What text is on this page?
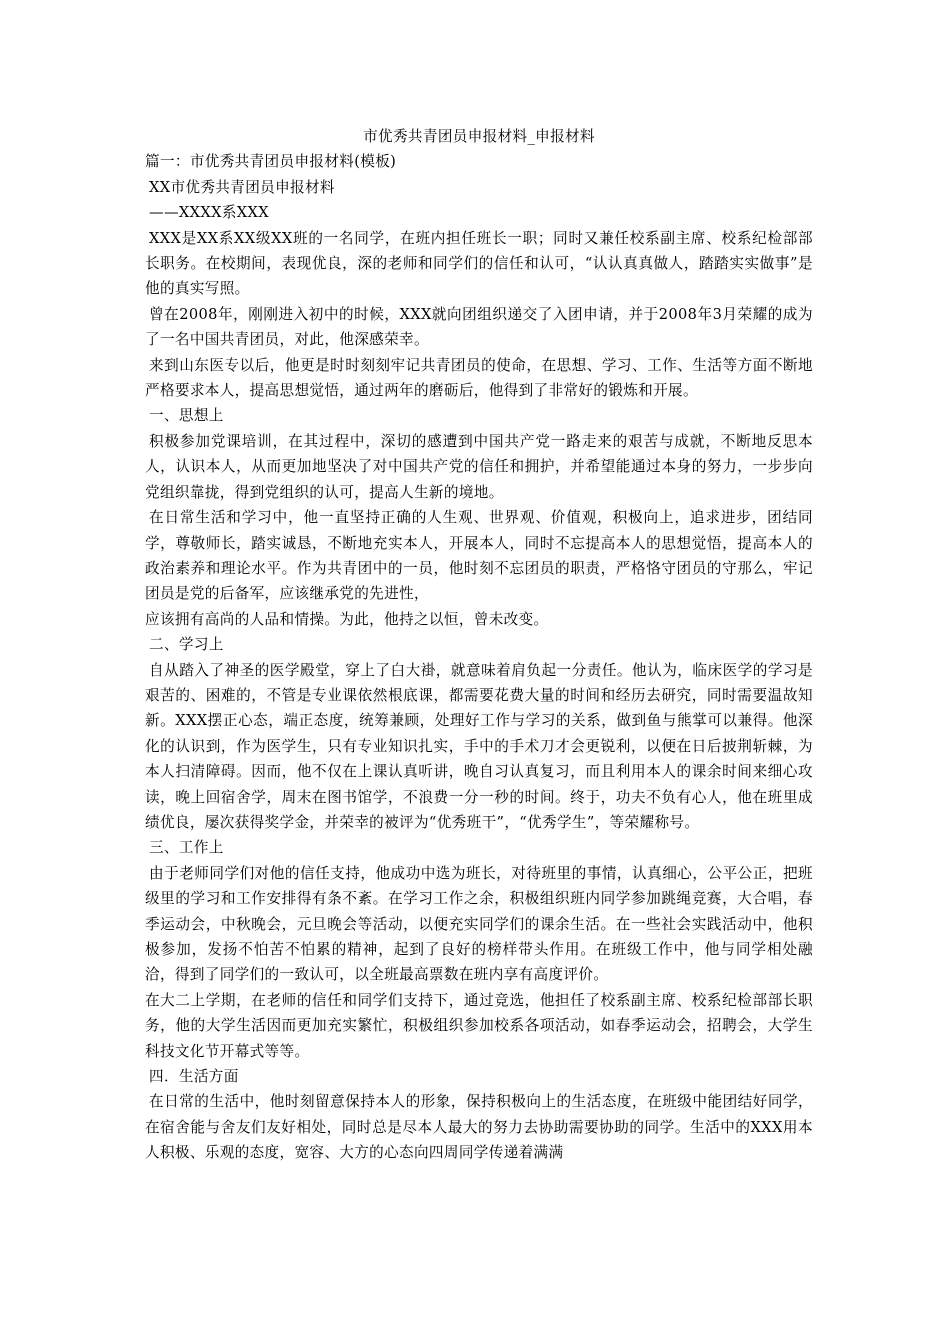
市优秀共青团员申报材料_申报材料

篇一：市优秀共青团员申报材料(模板)

XX市优秀共青团员申报材料

——XXXX系XXX

XXX是XX系XX级XX班的一名同学，在班内担任班长一职；同时又兼任校系副主席、校系纪检部部长职务。在校期间，表现优良，深的老师和同学们的信任和认可，“认认真真做人，踏踏实实做事”是他的真实写照。

曾在2008年，刚刚进入初中的时候，XXX就向团组织递交了入团申请，并于2008年3月荣耀的成为了一名中国共青团员，对此，他深感荣幸。

来到山东医专以后，他更是时时刻刻牢记共青团员的使命，在思想、学习、工作、生活等方面不断地严格要求本人，提高思想觉悟，通过两年的磨砺后，他得到了非常好的锻炼和开展。

一、思想上

积极参加党课培训，在其过程中，深切的感遭到中国共产党一路走来的艰苦与成就，不断地反思本人，认识本人，从而更加地坚决了对中国共产党的信任和拥护，并希望能通过本身的努力，一步步向党组织靠拢，得到党组织的认可，提高人生新的境地。

在日常生活和学习中，他一直坚持正确的人生观、世界观、价值观，积极向上，追求进步，团结同学，尊敬师长，踏实诚恳，不断地充实本人，开展本人，同时不忘提高本人的思想觉悟，提高本人的政治素养和理论水平。作为共青团中的一员，他时刻不忘团员的职责，严格恪守团员的守那么，牢记团员是党的后备军，应该继承党的先进性，

应该拥有高尚的人品和情操。为此，他持之以恒，曾未改变。

二、学习上

自从踏入了神圣的医学殿堂，穿上了白大褂，就意味着肩负起一分责任。他认为，临床医学的学习是艰苦的、困难的，不管是专业课依然根底课，都需要花费大量的时间和经历去研究，同时需要温故知新。XXX摆正心态，端正态度，统筹兼顾，处理好工作与学习的关系，做到鱼与熊掌可以兼得。他深化的认识到，作为医学生，只有专业知识扎实，手中的手术刀才会更锐利，以便在日后披荆斩棘，为本人扫清障碍。因而，他不仅在上课认真听讲，晚自习认真复习，而且利用本人的课余时间来细心攻读，晚上回宿舍学，周末在图书馆学，不浪费一分一秒的时间。终于，功夫不负有心人，他在班里成绩优良，屡次获得奖学金，并荣幸的被评为“优秀班干”，“优秀学生”，等荣耀称号。

三、工作上

由于老师同学们对他的信任支持，他成功中选为班长，对待班里的事情，认真细心，公平公正，把班级里的学习和工作安排得有条不紊。在学习工作之余，积极组织班内同学参加跳绳竞赛，大合唱，春季运动会，中秋晚会，元旦晚会等活动，以便充实同学们的课余生活。在一些社会实践活动中，他积极参加，发扬不怕苦不怕累的精神，起到了良好的榜样带头作用。在班级工作中，他与同学相处融洽，得到了同学们的一致认可，以全班最高票数在班内享有高度评价。

在大二上学期，在老师的信任和同学们支持下，通过竞选，他担任了校系副主席、校系纪检部部长职务，他的大学生活因而更加充实繁忙，积极组织参加校系各项活动，如春季运动会，招聘会，大学生科技文化节开幕式等等。

四．生活方面

在日常的生活中，他时刻留意保持本人的形象，保持积极向上的生活态度，在班级中能团结好同学，在宿舍能与舍友们友好相处，同时总是尽本人最大的努力去协助需要协助的同学。生活中的XXX用本人积极、乐观的态度，宽容、大方的心态向四周同学传递着满满
